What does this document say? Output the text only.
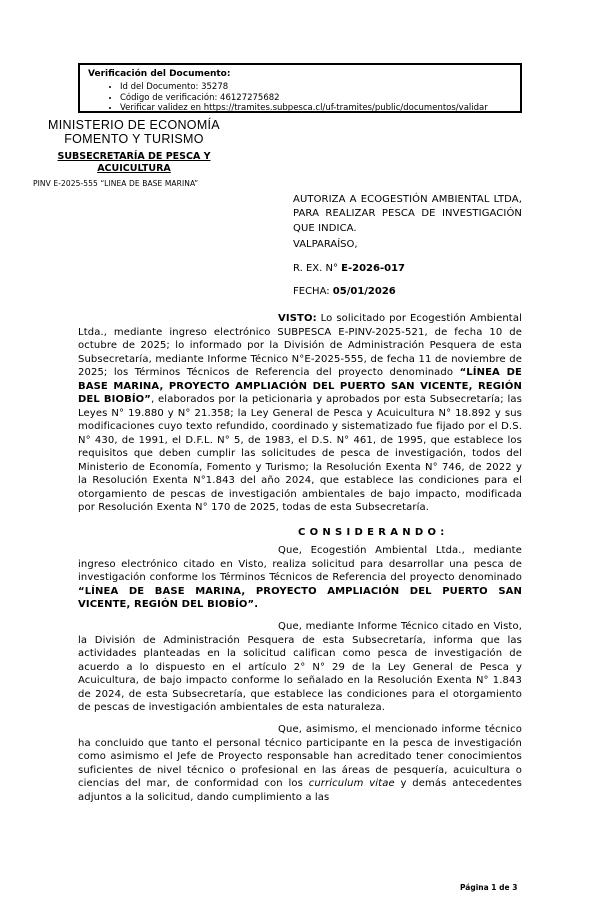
Verificación del Documento:
• Id del Documento: 35278
• Código de verificación: 46127275682
• Verificar validez en https://tramites.subpesca.cl/uf-tramites/public/documentos/validar
MINISTERIO DE ECONOMÍA
FOMENTO Y TURISMO
SUBSECRETARÍA DE PESCA Y
ACUICULTURA
PINV E-2025-555 “LINEA DE BASE MARINA”
AUTORIZA A ECOGESTIÓN AMBIENTAL LTDA, PARA REALIZAR PESCA DE INVESTIGACIÓN QUE INDICA.
VALPARAÍSO,
R. EX. N° E-2026-017
FECHA: 05/01/2026

VISTO: Lo solicitado por Ecogestión Ambiental Ltda., mediante ingreso electrónico SUBPESCA E-PINV-2025-521, de fecha 10 de octubre de 2025; lo informado por la División de Administración Pesquera de esta Subsecretaría, mediante Informe Técnico N°E-2025-555, de fecha 11 de noviembre de 2025; los Términos Técnicos de Referencia del proyecto denominado “LÍNEA DE BASE MARINA, PROYECTO AMPLIACIÓN DEL PUERTO SAN VICENTE, REGIÓN DEL BIOBÍO”, elaborados por la peticionaria y aprobados por esta Subsecretaría; las Leyes N° 19.880 y N° 21.358; la Ley General de Pesca y Acuicultura N° 18.892 y sus modificaciones cuyo texto refundido, coordinado y sistematizado fue fijado por el D.S. N° 430, de 1991, el D.F.L. N° 5, de 1983, el D.S. N° 461, de 1995, que establece los requisitos que deben cumplir las solicitudes de pesca de investigación, todos del Ministerio de Economía, Fomento y Turismo; la Resolución Exenta N° 746, de 2022 y la Resolución Exenta N°1.843 del año 2024, que establece las condiciones para el otorgamiento de pescas de investigación ambientales de bajo impacto, modificada por Resolución Exenta N° 170 de 2025, todas de esta Subsecretaría.

C O N S I D E R A N D O :

Que, Ecogestión Ambiental Ltda., mediante ingreso electrónico citado en Visto, realiza solicitud para desarrollar una pesca de investigación conforme los Términos Técnicos de Referencia del proyecto denominado “LÍNEA DE BASE MARINA, PROYECTO AMPLIACIÓN DEL PUERTO SAN VICENTE, REGIÓN DEL BIOBÍO”.

Que, mediante Informe Técnico citado en Visto, la División de Administración Pesquera de esta Subsecretaría, informa que las actividades planteadas en la solicitud califican como pesca de investigación de acuerdo a lo dispuesto en el artículo 2° N° 29 de la Ley General de Pesca y Acuicultura, de bajo impacto conforme lo señalado en la Resolución Exenta N° 1.843 de 2024, de esta Subsecretaría, que establece las condiciones para el otorgamiento de pescas de investigación ambientales de esta naturaleza.

Que, asimismo, el mencionado informe técnico ha concluido que tanto el personal técnico participante en la pesca de investigación como asimismo el Jefe de Proyecto responsable han acreditado tener conocimientos suficientes de nivel técnico o profesional en las áreas de pesquería, acuicultura o ciencias del mar, de conformidad con los curriculum vitae y demás antecedentes adjuntos a la solicitud, dando cumplimiento a las

Página 1 de 3
